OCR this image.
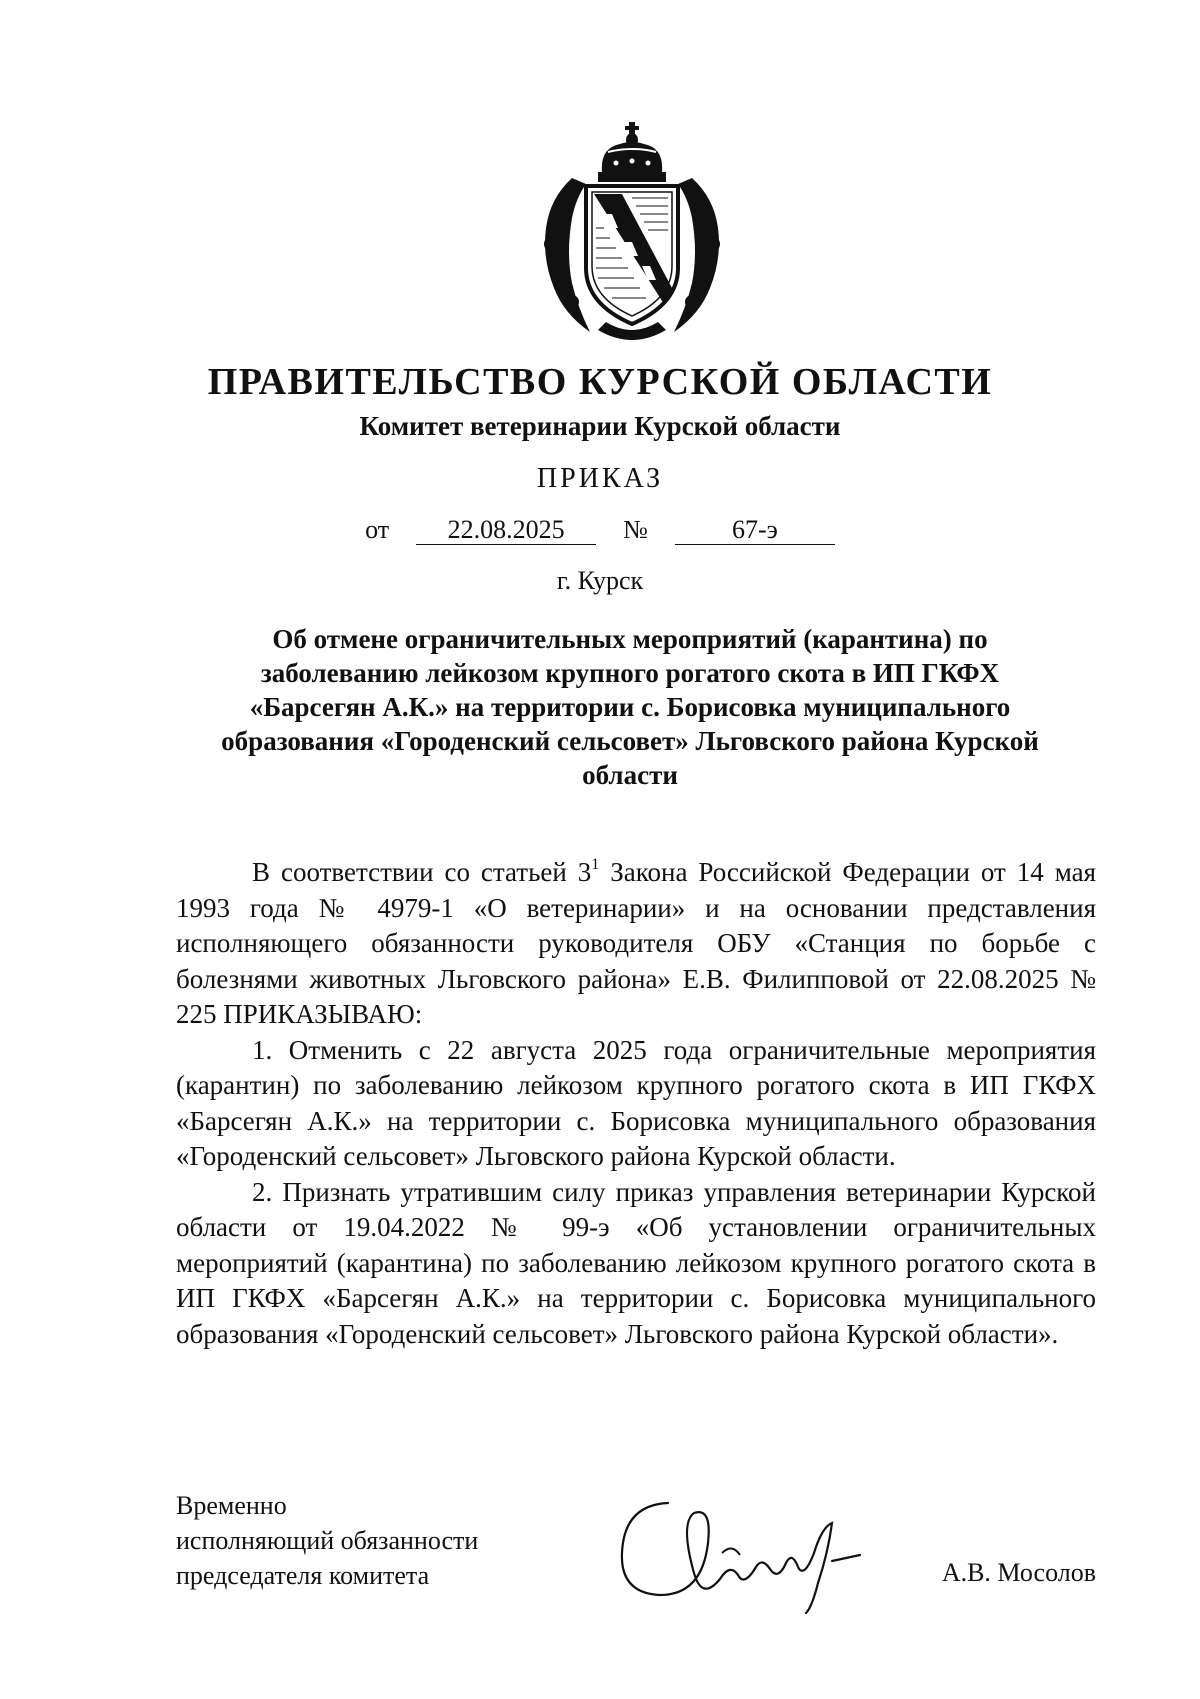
ПРАВИТЕЛЬСТВО КУРСКОЙ ОБЛАСТИ
Комитет ветеринарии Курской области
ПРИКАЗ
от 22.08.2025 №	67-э
г. Курск
Об отмене ограничительных мероприятий (карантина) по заболеванию лейкозом крупного рогатого скота в ИП ГКФХ «Барсегян А.К.» на территории с. Борисовка муниципального образования «Городенский сельсовет» Льговского района Курской области

В соответствии со статьей $3^1$ Закона Российской Федерации от 14 мая 1993 года № 4979-1 «О ветеринарии» и на основании представления исполняющего обязанности руководителя ОБУ «Станция по борьбе с болезнями животных Льговского района» Е.В. Филипповой от 22.08.2025 № 225 ПРИКАЗЫВАЮ:

1. Отменить с 22 августа 2025 года ограничительные мероприятия (карантин) по заболеванию лейкозом крупного рогатого скота в ИП ГКФХ «Барсегян А.К.» на территории с. Борисовка муниципального образования «Городенский сельсовет» Льговского района Курской области.

2. Признать утратившим силу приказ управления ветеринарии Курской области от 19.04.2022 № 99-э «Об установлении ограничительных мероприятий (карантина) по заболеванию лейкозом крупного рогатого скота в ИП ГКФХ «Барсегян А.К.» на территории с. Борисовка муниципального образования «Городенский сельсовет» Льговского района Курской области».

Временно
исполняющий обязанности
председателя комитета	А.В. Мосолов
